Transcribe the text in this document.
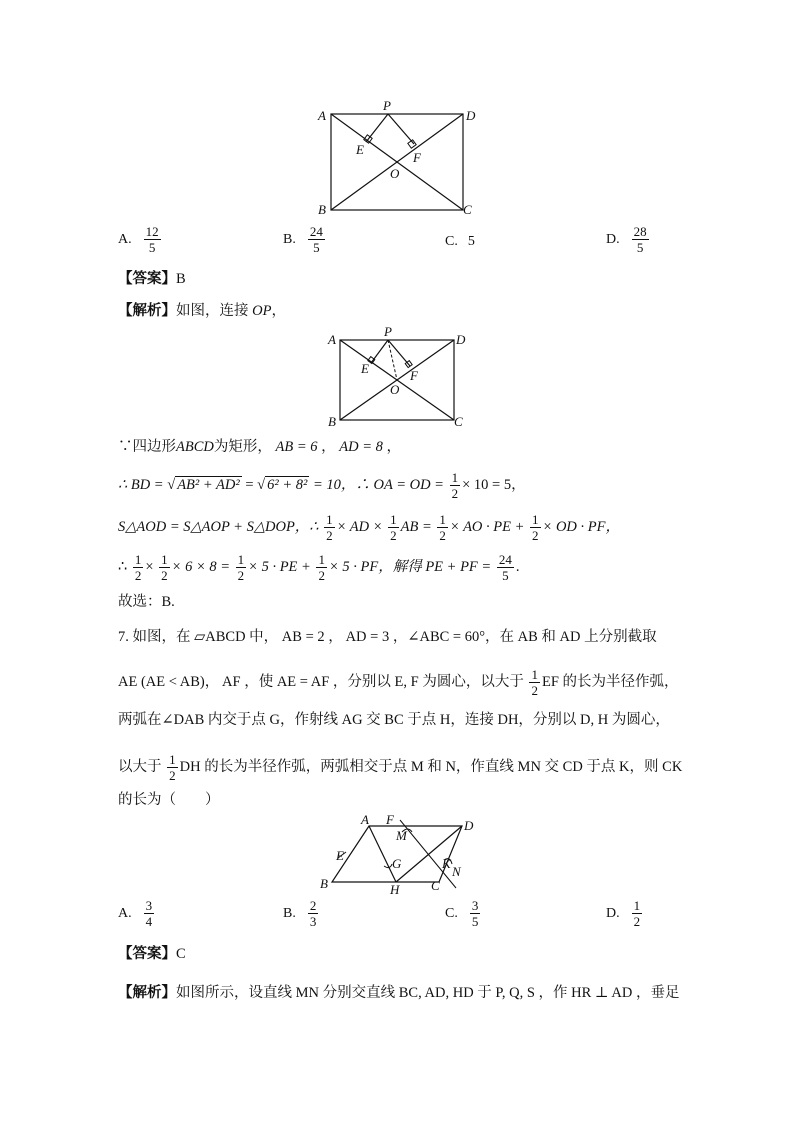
A
P
D
E
F
O
B	C
A. $\frac{12}{5}$	B. $\frac{24}{5}$	C. 5	D. $\frac{28}{5}$
【答案】B
【解析】如图，连接 OP，
A
P
D
E	F
O
B	C
∵四边形ABCD为矩形， AB = 6 ， AD = 8 ，
∴ BD = √ AB² + AD² = √ 6² + 8² = 10，∴ OA = OD = $\frac{1}{2} \times 10 = 5$，
S△AOD = S△AOP + S△DOP，∴ $\frac{1}{2}$ × AD × $\frac{1}{2}$ AB = $\frac{1}{2}$ × AO · PE + $\frac{1}{2}$ × OD · PF，
∴ $\frac{1}{2} \times \frac{1}{2} \times 6 \times 8 = \frac{1}{2} \times 5$ · PE + $\frac{1}{2} \times 5$ · PF，解得 PE + PF = $\frac{24}{5}$ .
故选：B.
7. 如图，在 ▱ABCD 中， AB = 2 ， AD = 3 ，∠ABC = 60°，在 AB 和 AD 上分别截取
AE (AE < AB)， AF ，使 AE = AF ，分别以 E, F 为圆心，以大于 $\frac{1}{2}$ EF 的长为半径作弧，
两弧在∠DAB 内交于点 G，作射线 AG 交 BC 于点 H，连接 DH，分别以 D, H 为圆心，
以大于 $\frac{1}{2}$ DH 的长为半径作弧，两弧相交于点 M 和 N，作直线 MN 交 CD 于点 K，则 CK
的长为（　　）
A F
M
D
E
G	K
N
B	H C
A. $\frac{3}{4}$	B. $\frac{2}{3}$	C. $\frac{3}{5}$	D. $\frac{1}{2}$
【答案】C
【解析】如图所示，设直线 MN 分别交直线 BC, AD, HD 于 P, Q, S ，作 HR ⊥ AD ，垂足
